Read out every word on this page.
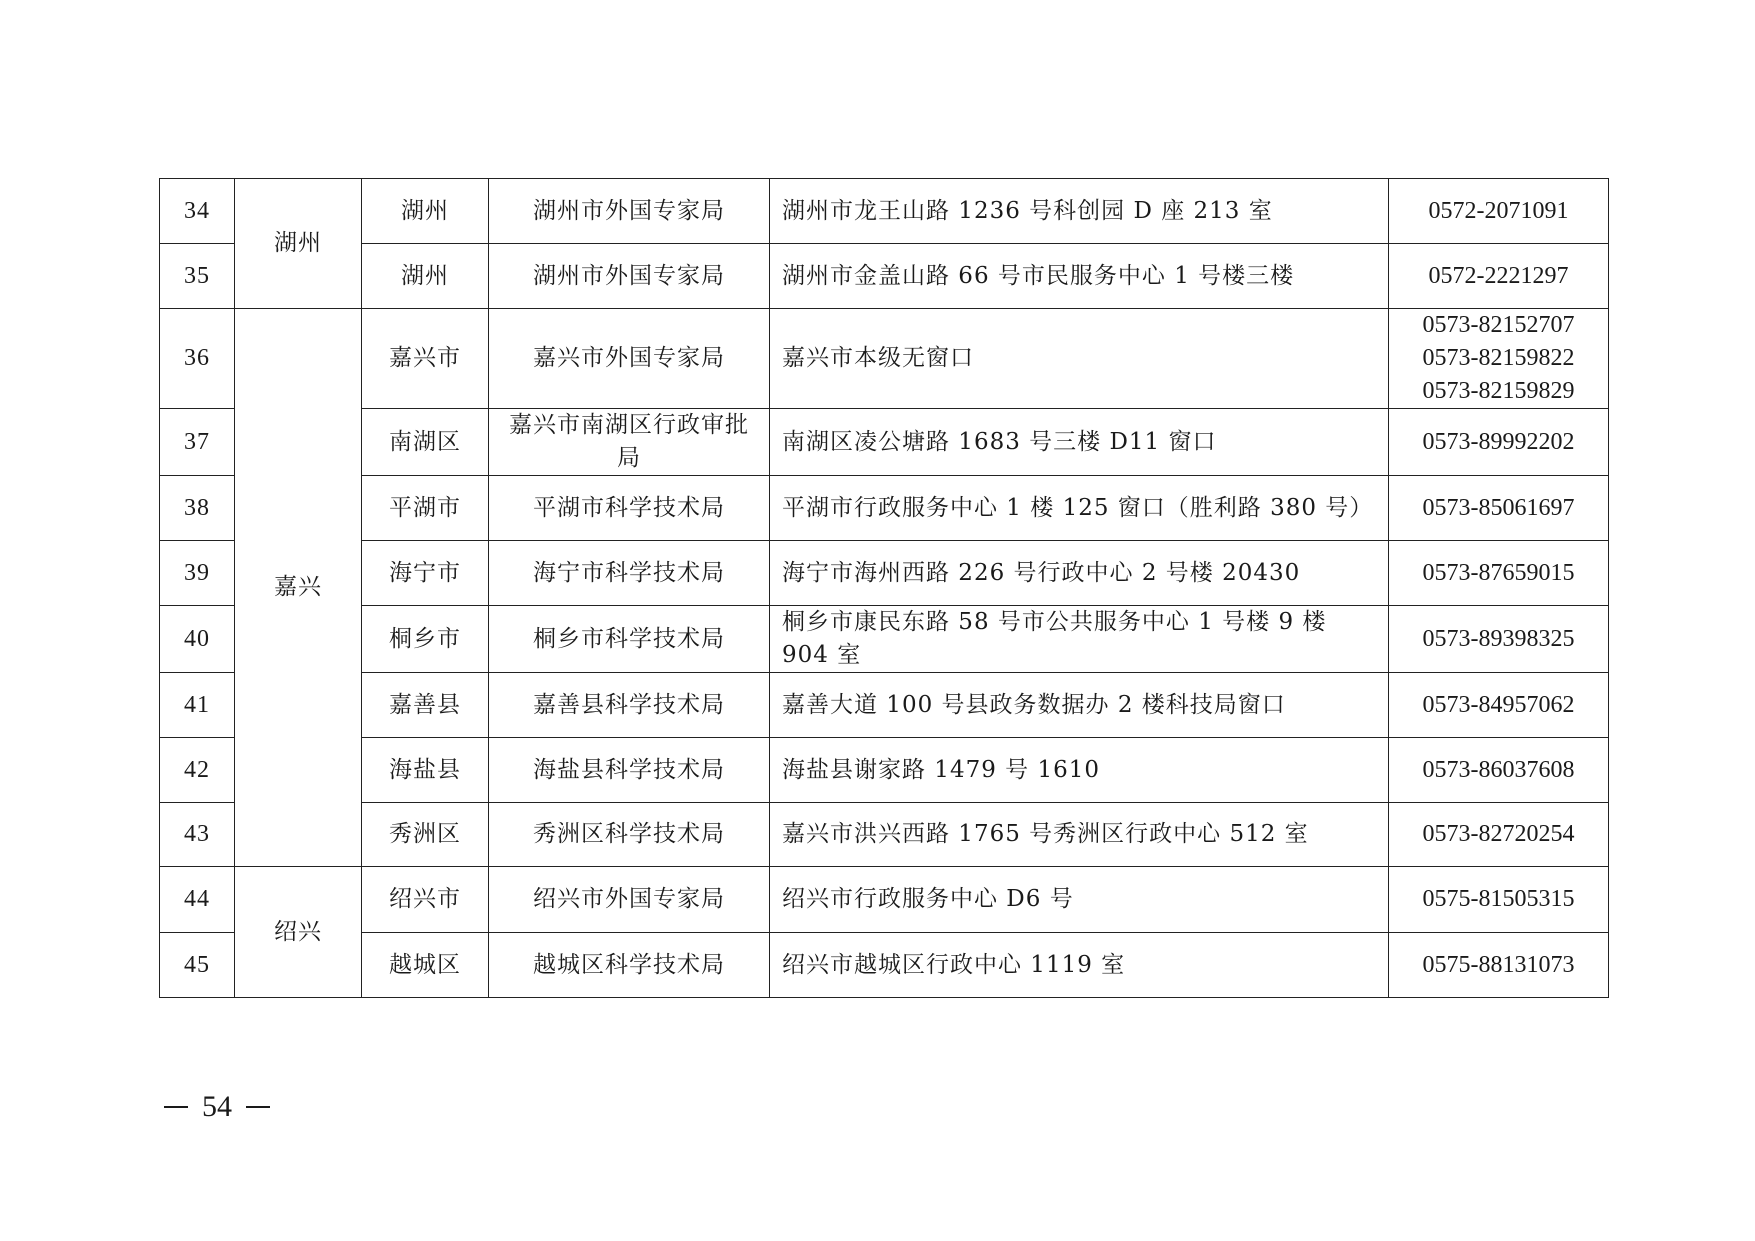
34	湖州	湖州	湖州市外国专家局	湖州市龙王山路 1236 号科创园 D 座 213 室	0572-2071091

35		湖州	湖州市外国专家局	湖州市金盖山路 66 号市民服务中心 1 号楼三楼	0572-2221297

36	嘉兴	嘉兴市	嘉兴市外国专家局	嘉兴市本级无窗口	0573-82152707
0573-82159822
0573-82159829

37		南湖区	嘉兴市南湖区行政审批局	南湖区凌公塘路 1683 号三楼 D11 窗口	0573-89992202

38		平湖市	平湖市科学技术局	平湖市行政服务中心 1 楼 125 窗口（胜利路 380 号）	0573-85061697

39		海宁市	海宁市科学技术局	海宁市海州西路 226 号行政中心 2 号楼 20430	0573-87659015

40		桐乡市	桐乡市科学技术局	桐乡市康民东路 58 号市公共服务中心 1 号楼 9 楼 904 室	0573-89398325

41		嘉善县	嘉善县科学技术局	嘉善大道 100 号县政务数据办 2 楼科技局窗口	0573-84957062

42		海盐县	海盐县科学技术局	海盐县谢家路 1479 号 1610	0573-86037608

43		秀洲区	秀洲区科学技术局	嘉兴市洪兴西路 1765 号秀洲区行政中心 512 室	0573-82720254

44	绍兴	绍兴市	绍兴市外国专家局	绍兴市行政服务中心 D6 号	0575-81505315

45		越城区	越城区科学技术局	绍兴市越城区行政中心 1119 室	0575-88131073
54
